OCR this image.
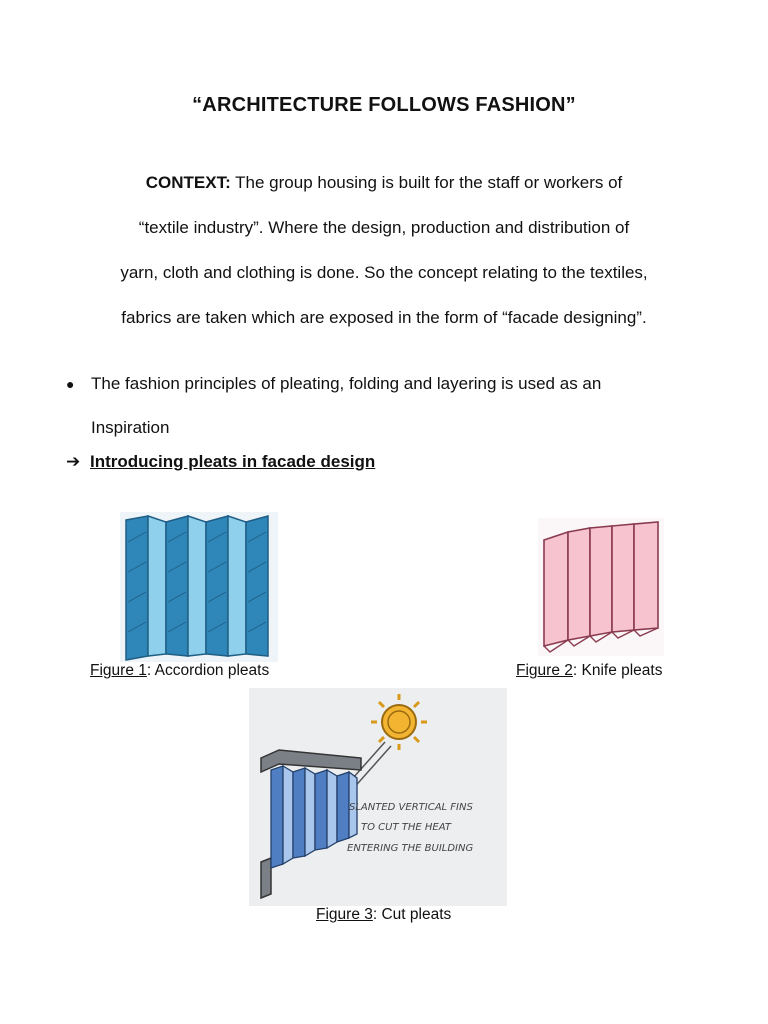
“ARCHITECTURE FOLLOWS FASHION”
CONTEXT: The group housing is built for the staff or workers of
“textile industry”. Where the design, production and distribution of
yarn, cloth and clothing is done. So the concept relating to the textiles,
fabrics are taken which are exposed in the form of “facade designing”.
● The fashion principles of pleating, folding and layering is used as an
Inspiration
➔ Introducing pleats in facade design
Figure 1: Accordion pleats	Figure 2: Knife pleats
SLANTED VERTICAL FINS
TO CUT THE HEAT
ENTERING THE BUILDING
Figure 3: Cut pleats
